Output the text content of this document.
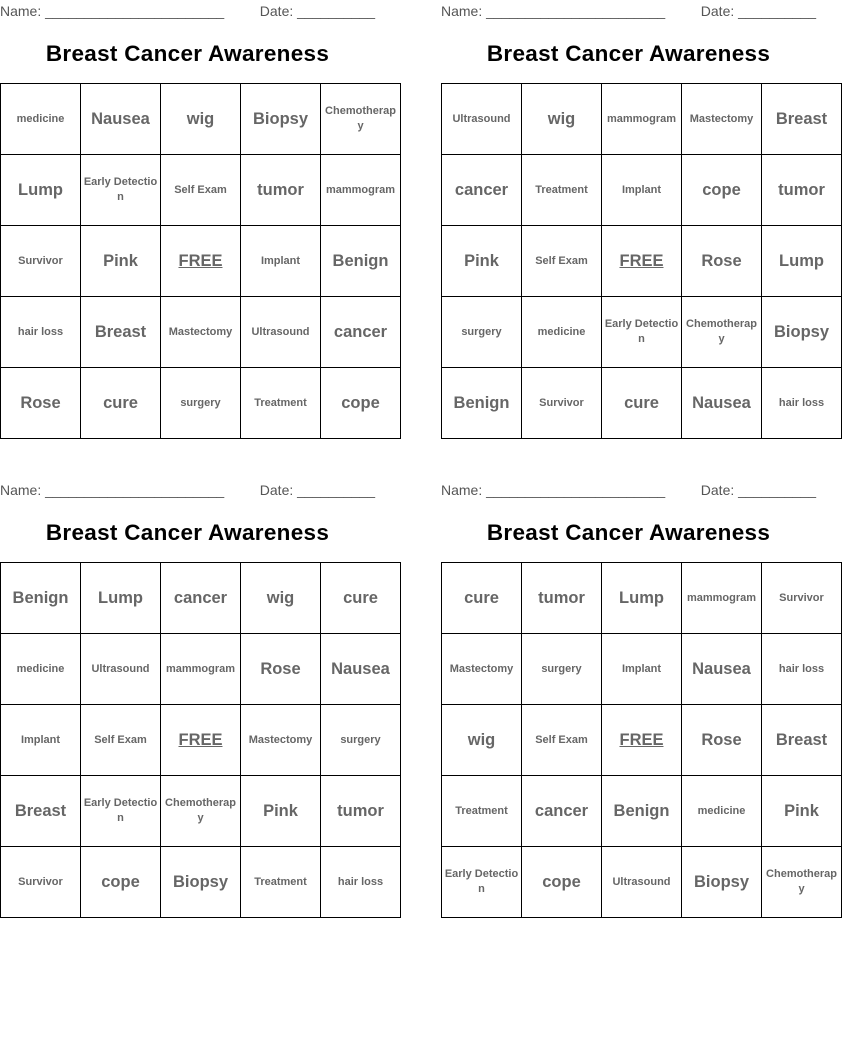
Name: _______________________	Date: __________
Breast Cancer Awareness
medicine	Nausea	wig	Biopsy	Chemotherapy
Lump	Early Detection	Self Exam	tumor	mammogram
Survivor	Pink	FREE	Implant	Benign
hair loss	Breast	Mastectomy	Ultrasound	cancer
Rose	cure	surgery	Treatment	cope
Name: _______________________	Date: __________
Breast Cancer Awareness
Ultrasound	wig	mammogram	Mastectomy	Breast
cancer	Treatment	Implant	cope	tumor
Pink	Self Exam	FREE	Rose	Lump
surgery	medicine	Early Detection	Chemotherapy	Biopsy
Benign	Survivor	cure	Nausea	hair loss
Name: _______________________	Date: __________
Breast Cancer Awareness
Benign	Lump	cancer	wig	cure
medicine	Ultrasound	mammogram	Rose	Nausea
Implant	Self Exam	FREE	Mastectomy	surgery
Breast	Early Detection	Chemotherapy	Pink	tumor
Survivor	cope	Biopsy	Treatment	hair loss
Name: _______________________	Date: __________
Breast Cancer Awareness
cure	tumor	Lump	mammogram	Survivor
Mastectomy	surgery	Implant	Nausea	hair loss
wig	Self Exam	FREE	Rose	Breast
Treatment	cancer	Benign	medicine	Pink
Early Detection	cope	Ultrasound	Biopsy	Chemotherapy
